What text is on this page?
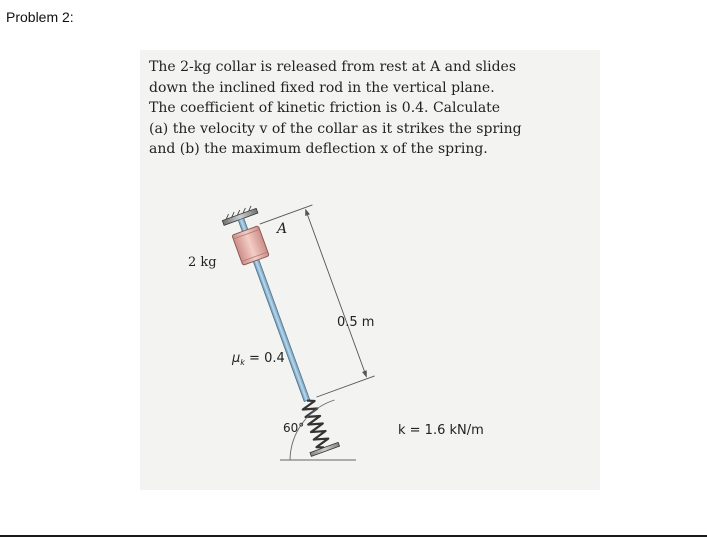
Problem 2:
The 2-kg collar is released from rest at A and slides
down the inclined fixed rod in the vertical plane.
The coefficient of kinetic friction is 0.4. Calculate
(a) the velocity v of the collar as it strikes the spring
and (b) the maximum deflection x of the spring.
A
2 kg
0.5 m
$\mu_k = 0.4$
60°	k = 1.6 kN/m
